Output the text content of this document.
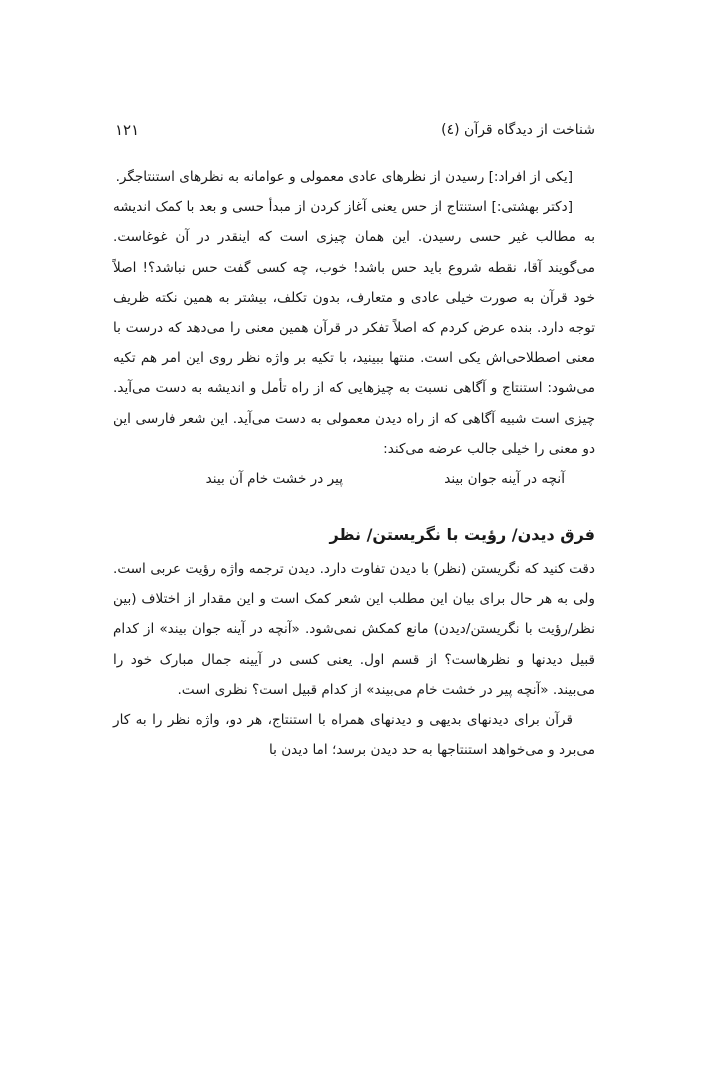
شناخت از دیدگاه قرآن (٤)
١٢١

[یکی از افراد:] رسیدن از نظرهای عادی معمولی و عوامانه به نظرهای استنتاجگر.

[دکتر بهشتی:] استنتاج از حس یعنی آغاز کردن از مبدأ حسی و بعد با کمک اندیشه به مطالب غیر حسی رسیدن. این همان چیزی است که اینقدر در آن غوغاست. می‌گویند آقا، نقطه شروع باید حس باشد! خوب، چه کسی گفت حس نباشد؟! اصلاً خود قرآن به صورت خیلی عادی و متعارف، بدون تکلف، بیشتر به همین نکته ظریف توجه دارد. بنده عرض کردم که اصلاً تفکر در قرآن همین معنی را می‌دهد که درست با معنی اصطلاحی‌اش یکی است. منتها ببینید، با تکیه بر واژه نظر روی این امر هم تکیه می‌شود: استنتاج و آگاهی نسبت به چیزهایی که از راه تأمل و اندیشه به دست می‌آید. چیزی است شبیه آگاهی که از راه دیدن معمولی به دست می‌آید. این شعر فارسی این دو معنی را خیلی جالب عرضه می‌کند:

آنچه در آینه جوان بیند
پیر در خشت خام آن بیند
فرق دیدن/ رؤیت با نگریستن/ نظر

دقت کنید که نگریستن (نظر) با دیدن تفاوت دارد. دیدن ترجمه واژه رؤیت عربی است. ولی به هر حال برای بیان این مطلب این شعر کمک است و این مقدار از اختلاف (بین نظر/رؤیت با نگریستن/دیدن) مانع کمکش نمی‌شود. «آنچه در آینه جوان بیند» از کدام قبیل دیدنها و نظرهاست؟ از قسم اول. یعنی کسی در آیینه جمال مبارک خود را می‌بیند. «آنچه پیر در خشت خام می‌بیند» از کدام قبیل است؟ نظری است.

قرآن برای دیدنهای بدیهی و دیدنهای همراه با استنتاج، هر دو، واژه نظر را به کار می‌برد و می‌خواهد استنتاجها به حد دیدن برسد؛ اما دیدن با
